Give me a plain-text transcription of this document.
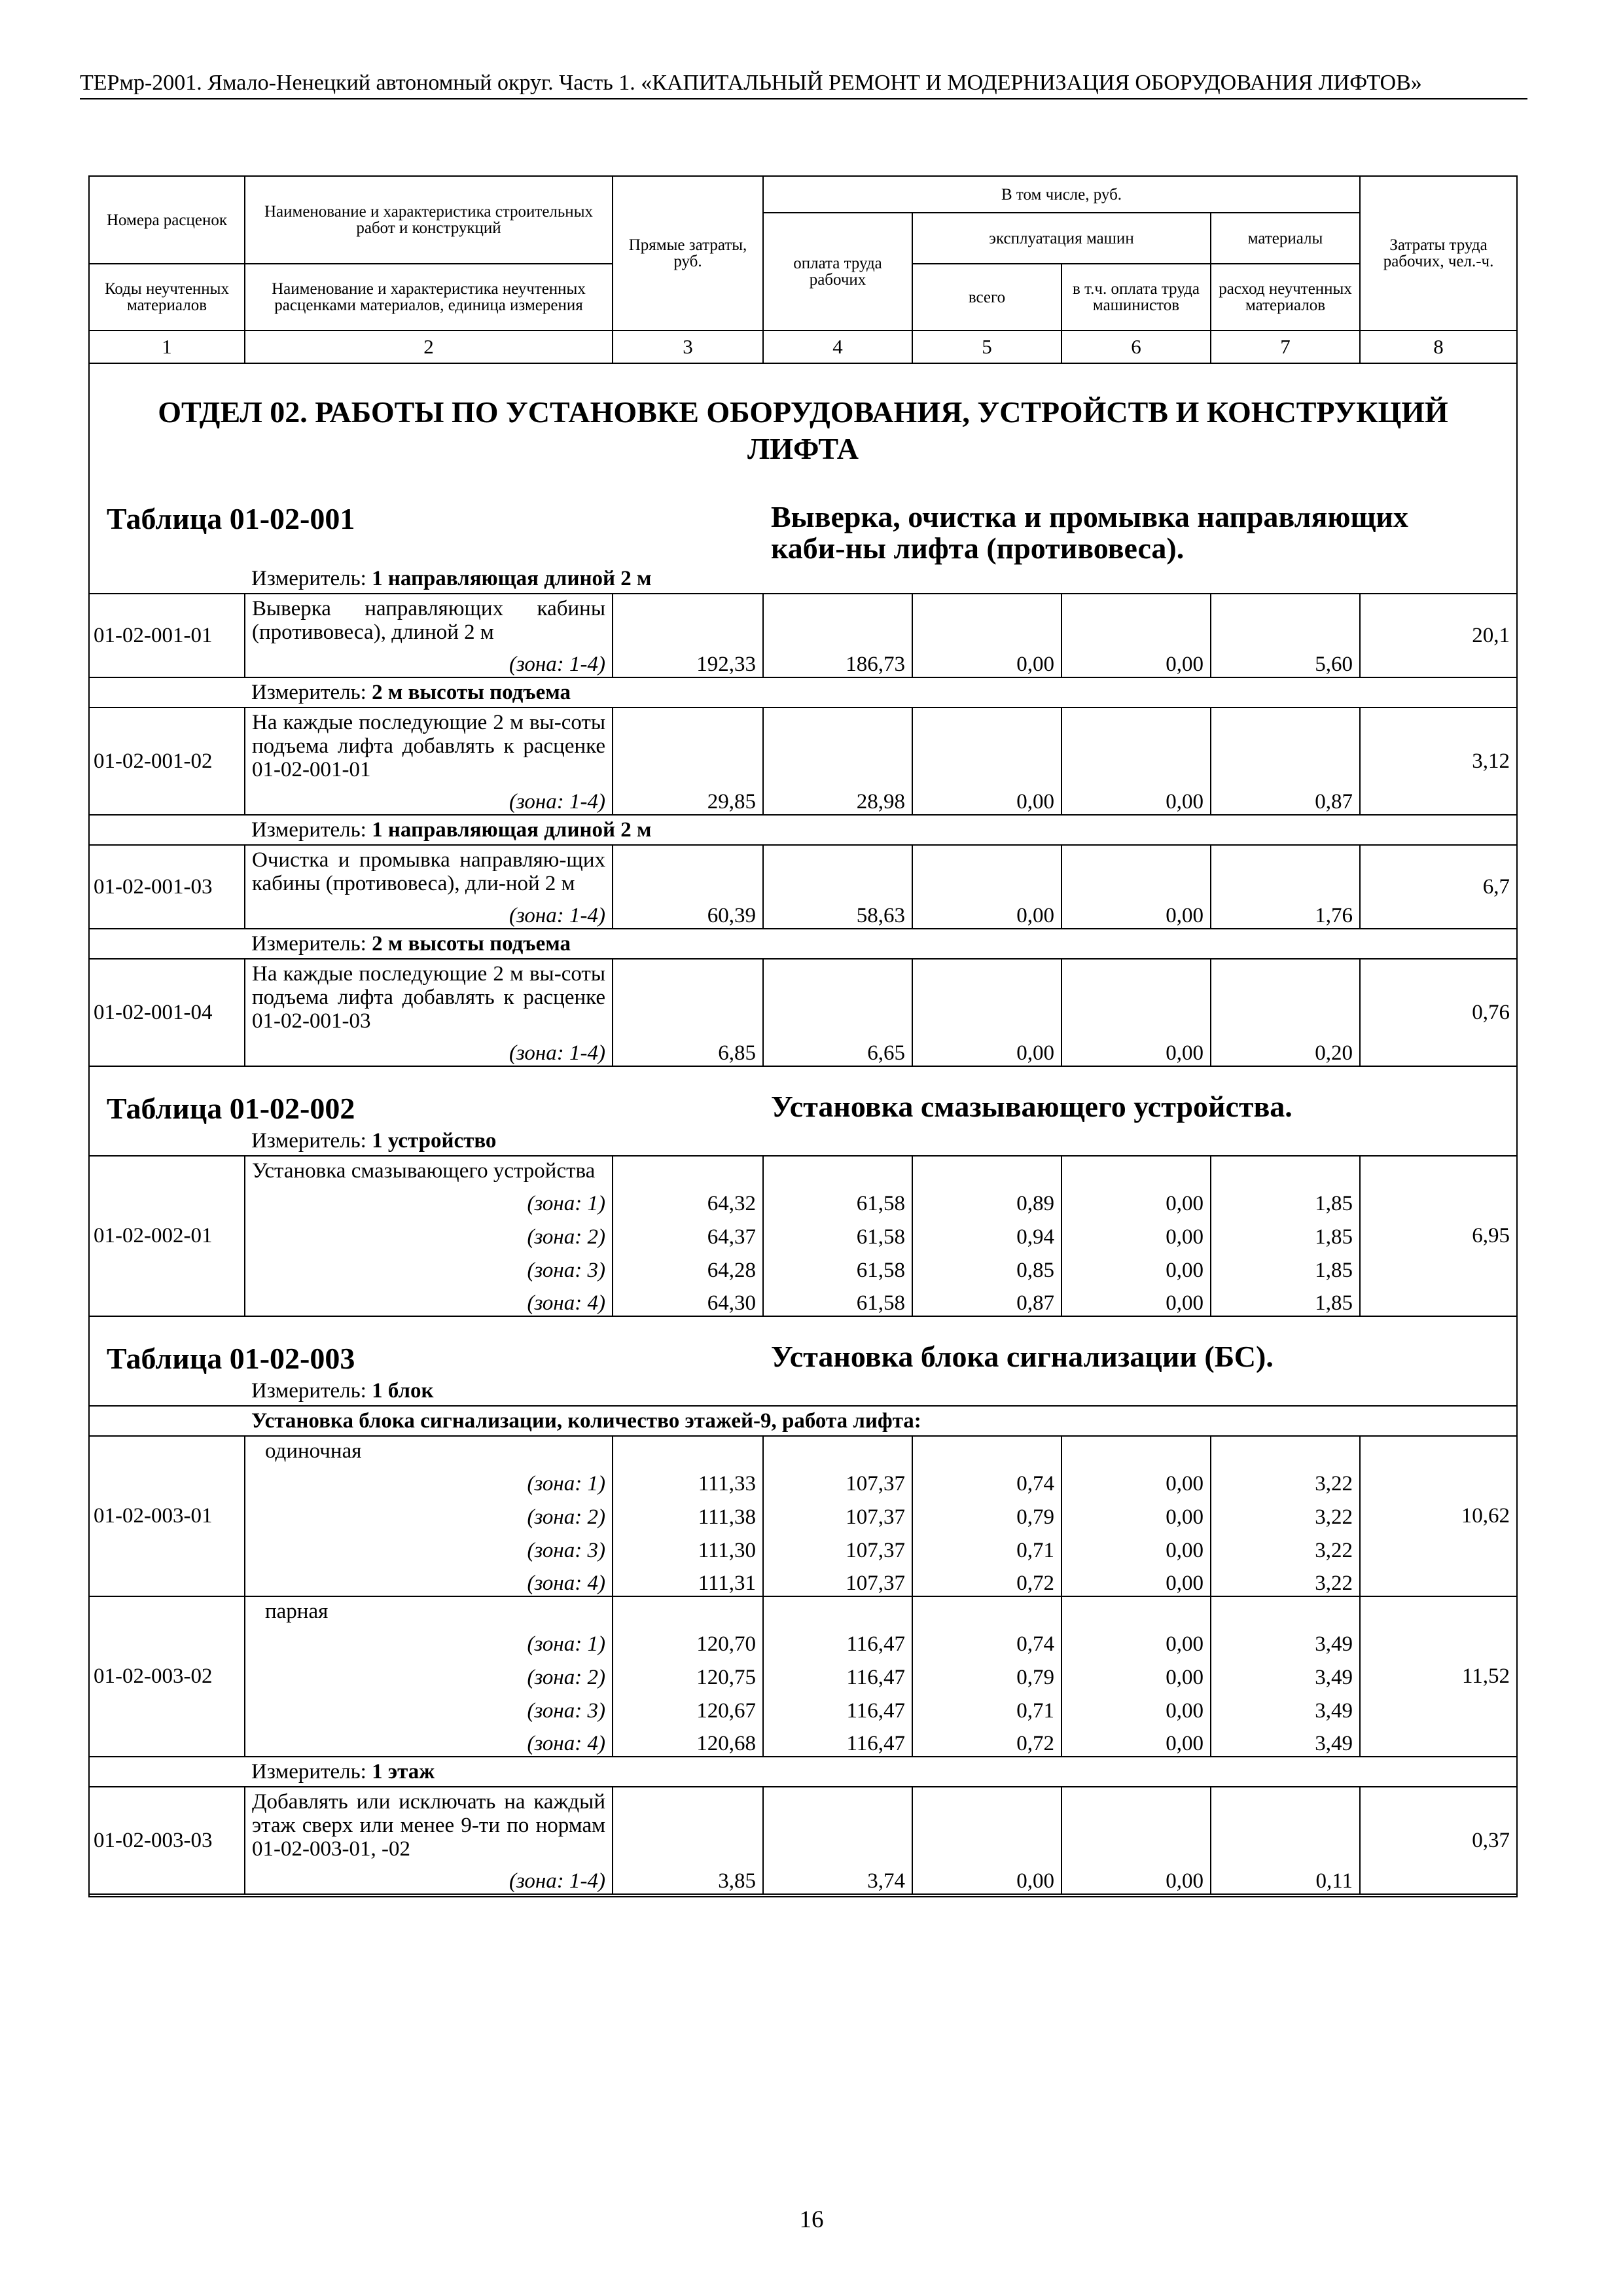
ТЕРмр-2001. Ямало-Ненецкий автономный округ. Часть 1. «КАПИТАЛЬНЫЙ РЕМОНТ И МОДЕРНИЗАЦИЯ ОБОРУДОВАНИЯ ЛИФТОВ»
Номера расценок	Наименование и характеристика строительных работ и конструкций	Прямые затраты, руб.	В том числе, руб.				Затраты труда рабочих, чел.-ч.
			оплата труда рабочих	эксплуатация машин		материалы	
Коды неучтенных материалов	Наименование и характеристика неучтенных расценками материалов, единица измерения			всего	в т.ч. оплата труда машинистов	расход неучтенных материалов	
1	2	3	4	5	6	7	8
ОТДЕЛ 02. РАБОТЫ ПО УСТАНОВКЕ ОБОРУДОВАНИЯ, УСТРОЙСТВ И КОНСТРУКЦИЙ ЛИФТА							
Таблица 01-02-001			Выверка, очистка и промывка направляющих каби-ны лифта (противовеса).				
	Измеритель: 1 направляющая длиной 2 м						
01-02-001-01	Выверка направляющих кабины (противовеса), длиной 2 м						20,1
	(зона: 1-4)	192,33	186,73	0,00	0,00	5,60	
	Измеритель: 2 м высоты подъема						
01-02-001-02	На каждые последующие 2 м вы-соты подъема лифта добавлять к расценке 01-02-001-01						3,12
	(зона: 1-4)	29,85	28,98	0,00	0,00	0,87	
	Измеритель: 1 направляющая длиной 2 м						
01-02-001-03	Очистка и промывка направляю-щих кабины (противовеса), дли-ной 2 м						6,7
	(зона: 1-4)	60,39	58,63	0,00	0,00	1,76	
	Измеритель: 2 м высоты подъема						
01-02-001-04	На каждые последующие 2 м вы-соты подъема лифта добавлять к расценке 01-02-001-03						0,76
	(зона: 1-4)	6,85	6,65	0,00	0,00	0,20	

Таблица 01-02-002			Установка смазывающего устройства.				
	Измеритель: 1 устройство						
01-02-002-01	Установка смазывающего устройства						6,95
	(зона: 1)	64,32	61,58	0,89	0,00	1,85	
	(зона: 2)	64,37	61,58	0,94	0,00	1,85	
	(зона: 3)	64,28	61,58	0,85	0,00	1,85	
	(зона: 4)	64,30	61,58	0,87	0,00	1,85	

Таблица 01-02-003			Установка блока сигнализации (БС).				
	Измеритель: 1 блок						
	Установка блока сигнализации, количество этажей-9, работа лифта:						
01-02-003-01	одиночная						10,62
	(зона: 1)	111,33	107,37	0,74	0,00	3,22	
	(зона: 2)	111,38	107,37	0,79	0,00	3,22	
	(зона: 3)	111,30	107,37	0,71	0,00	3,22	
	(зона: 4)	111,31	107,37	0,72	0,00	3,22	
01-02-003-02	парная						11,52
	(зона: 1)	120,70	116,47	0,74	0,00	3,49	
	(зона: 2)	120,75	116,47	0,79	0,00	3,49	
	(зона: 3)	120,67	116,47	0,71	0,00	3,49	
	(зона: 4)	120,68	116,47	0,72	0,00	3,49	
	Измеритель: 1 этаж						
01-02-003-03	Добавлять или исключать на каждый этаж сверх или менее 9-ти по нормам 01-02-003-01, -02						0,37
	(зона: 1-4)	3,85	3,74	0,00	0,00	0,11	

16
